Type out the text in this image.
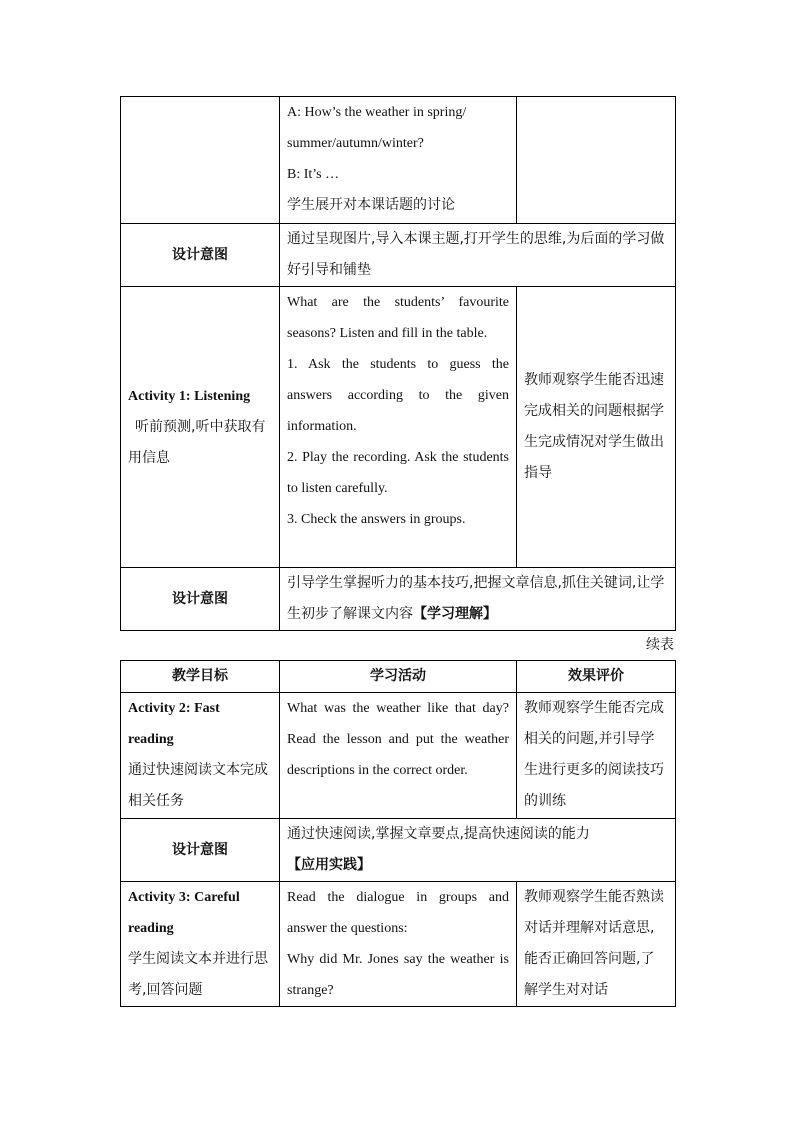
	A: How’s the weather in spring/
summer/autumn/winter?
B: It’s …
学生展开对本课话题的讨论	

设计意图	通过呈现图片,导入本课主题,打开学生的思维,为后面的学习做好引导和铺垫	

Activity 1: Listening
听前预测,听中获取有用信息	What are the students’ favourite seasons? Listen and fill in the table.
1. Ask the students to guess the answers according to the given information.
2. Play the recording. Ask the students to listen carefully.
3. Check the answers in groups.	教师观察学生能否迅速完成相关的问题根据学生完成情况对学生做出指导
设计意图	引导学生掌握听力的基本技巧,把握文章信息,抓住关键词,让学生初步了解课文内容【学习理解】	
续表
教学目标	学习活动	效果评价

Activity 2: Fast
reading
通过快速阅读文本完成相关任务	What was the weather like that day? Read the lesson and put the weather descriptions in the correct order.	教师观察学生能否完成相关的问题,并引导学生进行更多的阅读技巧的训练
设计意图	通过快速阅读,掌握文章要点,提高快速阅读的能力【应用实践】	

Activity 3: Careful
reading
学生阅读文本并进行思考,回答问题	Read the dialogue in groups and answer the questions:
Why did Mr. Jones say the weather is strange?	教师观察学生能否熟读对话并理解对话意思,能否正确回答问题,了解学生对对话
